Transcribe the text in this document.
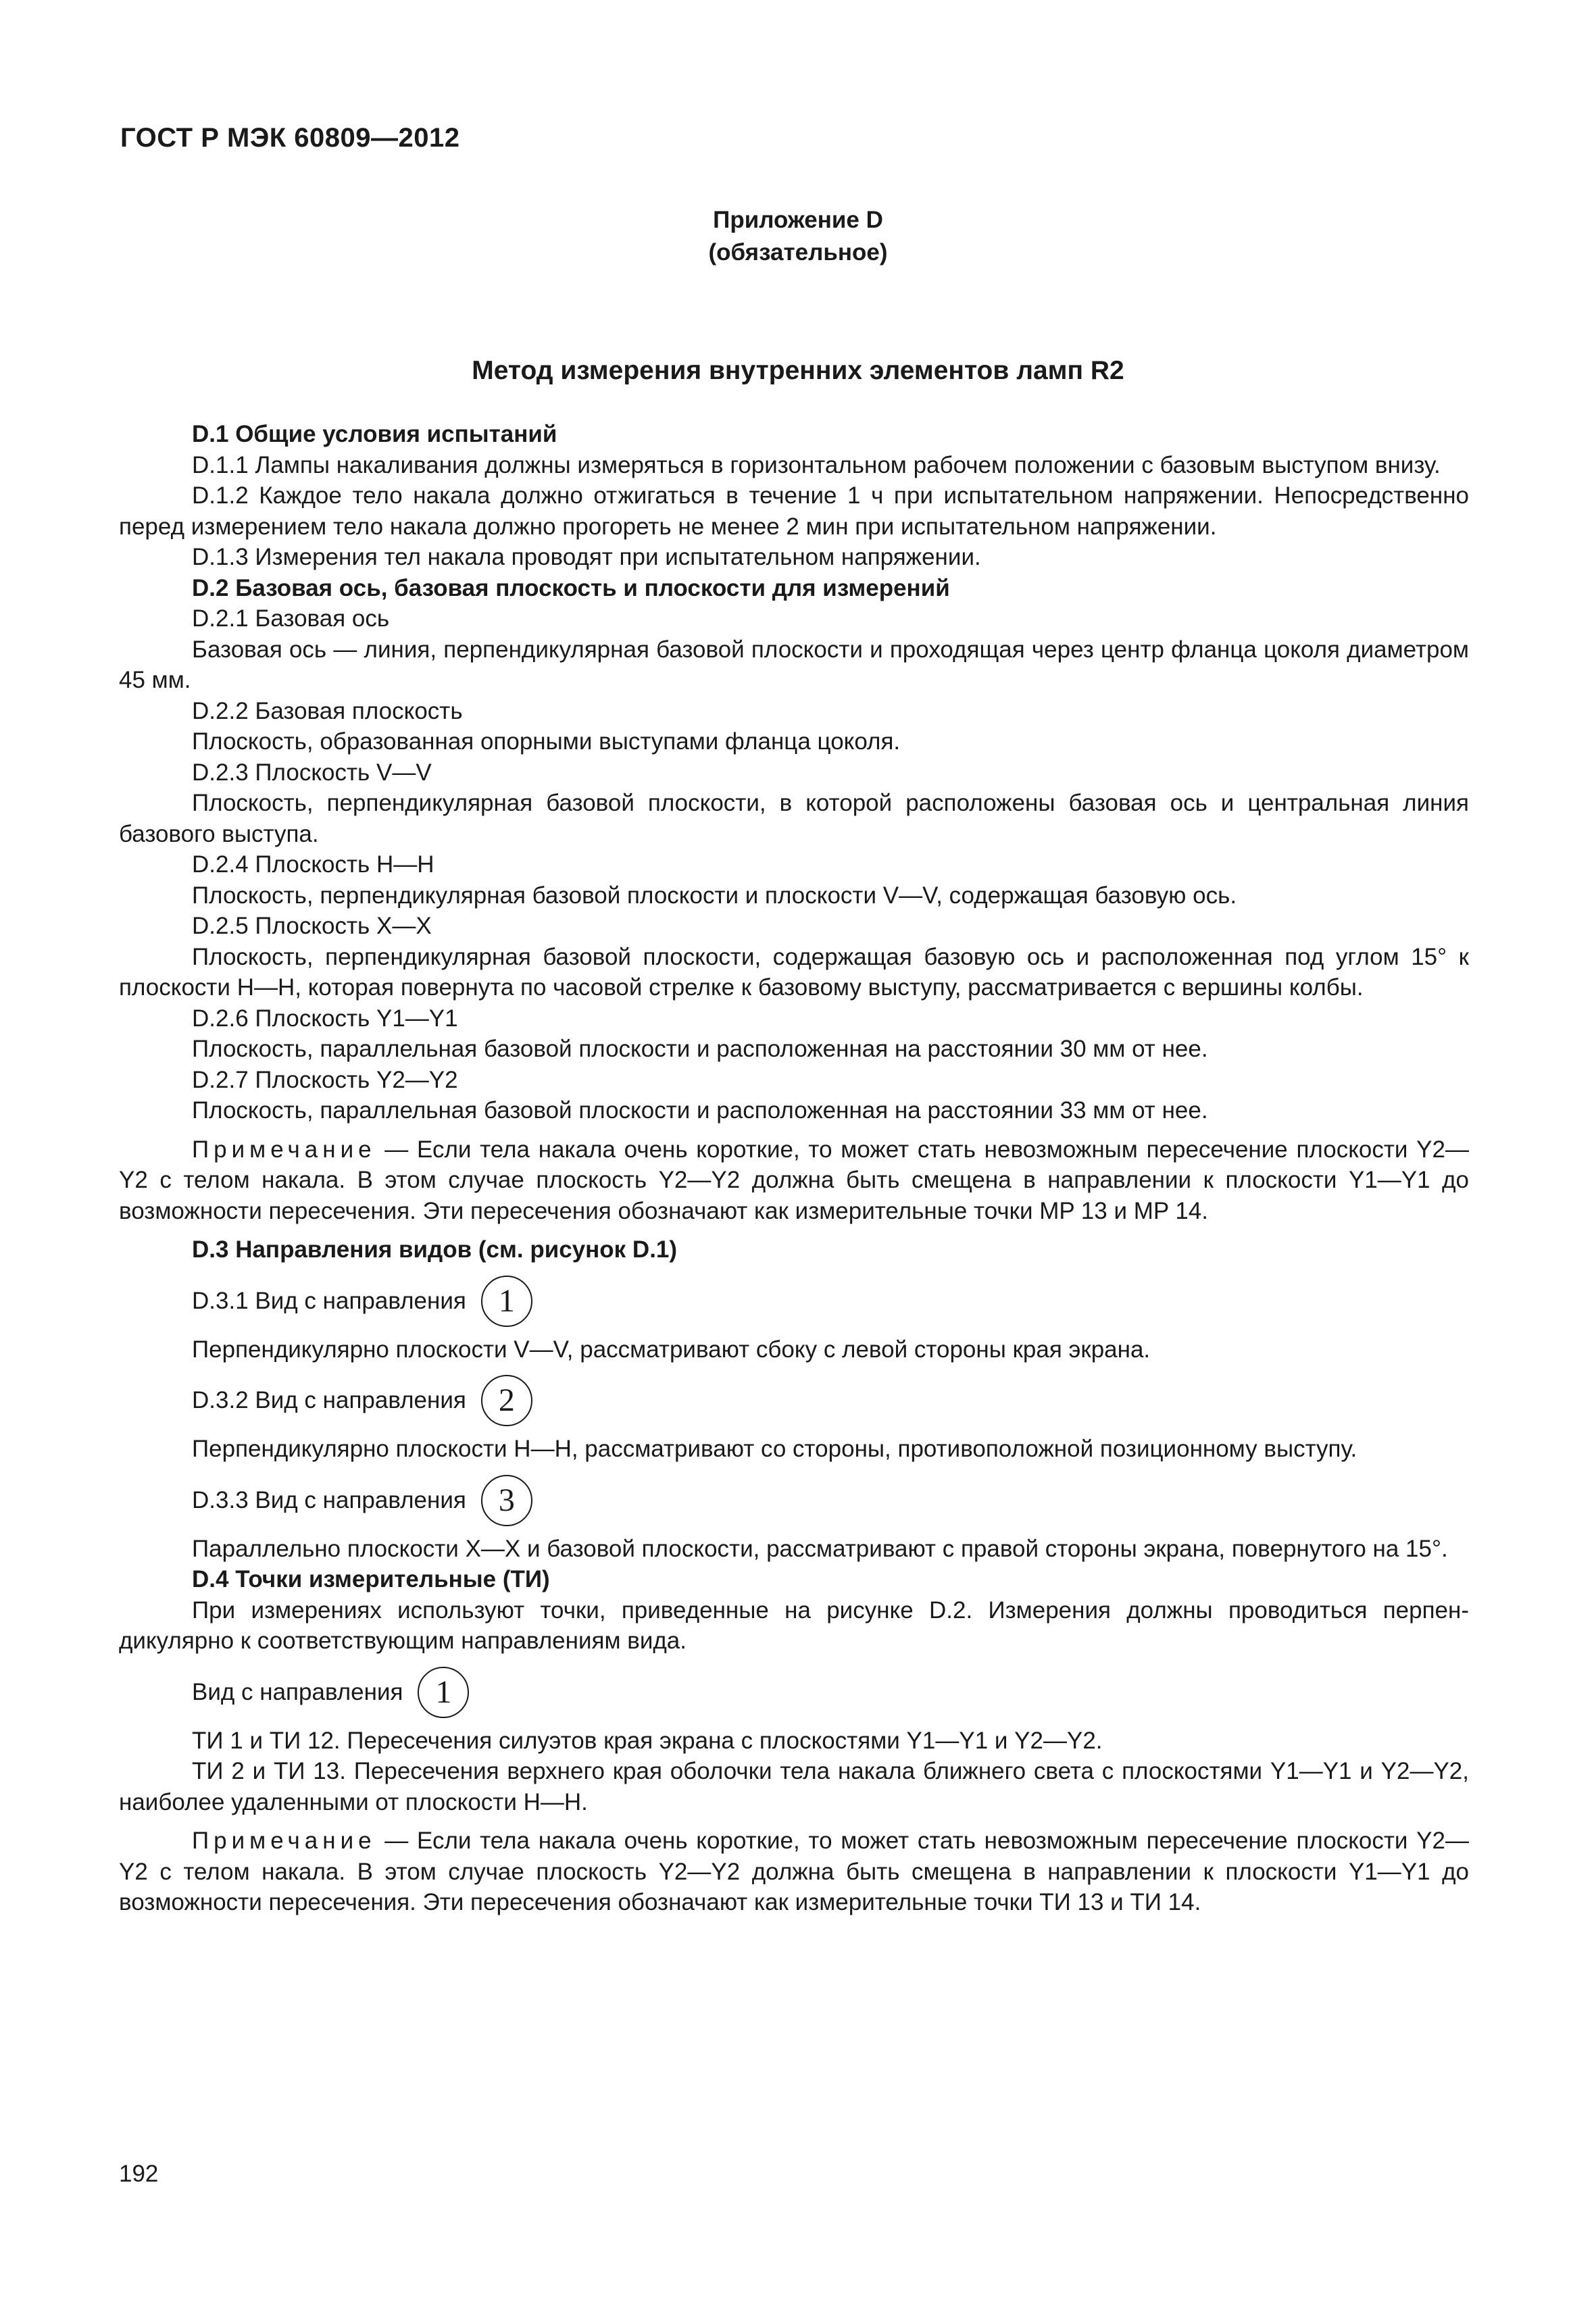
ГОСТ Р МЭК 60809—2012
Приложение D
(обязательное)
Метод измерения внутренних элементов ламп R2

D.1 Общие условия испытаний

D.1.1 Лампы накаливания должны измеряться в горизонтальном рабочем положении с базовым выступом внизу.

D.1.2 Каждое тело накала должно отжигаться в течение 1 ч при испытательном напряжении. Непосредственно перед измерением тело накала должно прогореть не менее 2 мин при испытательном напряжении.

D.1.3 Измерения тел накала проводят при испытательном напряжении.

D.2 Базовая ось, базовая плоскость и плоскости для измерений

D.2.1 Базовая ось

Базовая ось — линия, перпендикулярная базовой плоскости и проходящая через центр фланца цоколя диаметром 45 мм.

D.2.2 Базовая плоскость

Плоскость, образованная опорными выступами фланца цоколя.

D.2.3 Плоскость V—V

Плоскость, перпендикулярная базовой плоскости, в которой расположены базовая ось и центральная линия базового выступа.

D.2.4 Плоскость H—H

Плоскость, перпендикулярная базовой плоскости и плоскости V—V, содержащая базовую ось.

D.2.5 Плоскость X—X

Плоскость, перпендикулярная базовой плоскости, содержащая базовую ось и расположенная под углом 15° к плоскости H—H, которая повернута по часовой стрелке к базовому выступу, рассматривается с вершины колбы.

D.2.6 Плоскость Y1—Y1

Плоскость, параллельная базовой плоскости и расположенная на расстоянии 30 мм от нее.

D.2.7 Плоскость Y2—Y2

Плоскость, параллельная базовой плоскости и расположенная на расстоянии 33 мм от нее.

Примечание — Если тела накала очень короткие, то может стать невозможным пересечение плоскости Y2—Y2 с телом накала. В этом случае плоскость Y2—Y2 должна быть смещена в направлении к плоскости Y1—Y1 до возможности пересечения. Эти пересечения обозначают как измерительные точки MP 13 и MP 14.

D.3 Направления видов (см. рисунок D.1)

D.3.1 Вид с направления	1

Перпендикулярно плоскости V—V, рассматривают сбоку с левой стороны края экрана.

D.3.2 Вид с направления	2

Перпендикулярно плоскости H—H, рассматривают со стороны, противоположной позиционному выступу.

D.3.3 Вид с направления	3

Параллельно плоскости X—X и базовой плоскости, рассматривают с правой стороны экрана, повернутого на 15°.

D.4 Точки измерительные (ТИ)

При измерениях используют точки, приведенные на рисунке D.2. Измерения должны проводиться перпендикулярно к соответствующим направлениям вида.

Вид с направления	1

ТИ 1 и ТИ 12. Пересечения силуэтов края экрана с плоскостями Y1—Y1 и Y2—Y2.

ТИ 2 и ТИ 13. Пересечения верхнего края оболочки тела накала ближнего света с плоскостями Y1—Y1 и Y2—Y2, наиболее удаленными от плоскости H—H.

Примечание — Если тела накала очень короткие, то может стать невозможным пересечение плоскости Y2—Y2 с телом накала. В этом случае плоскость Y2—Y2 должна быть смещена в направлении к плоскости Y1—Y1 до возможности пересечения. Эти пересечения обозначают как измерительные точки ТИ 13 и ТИ 14.

192
